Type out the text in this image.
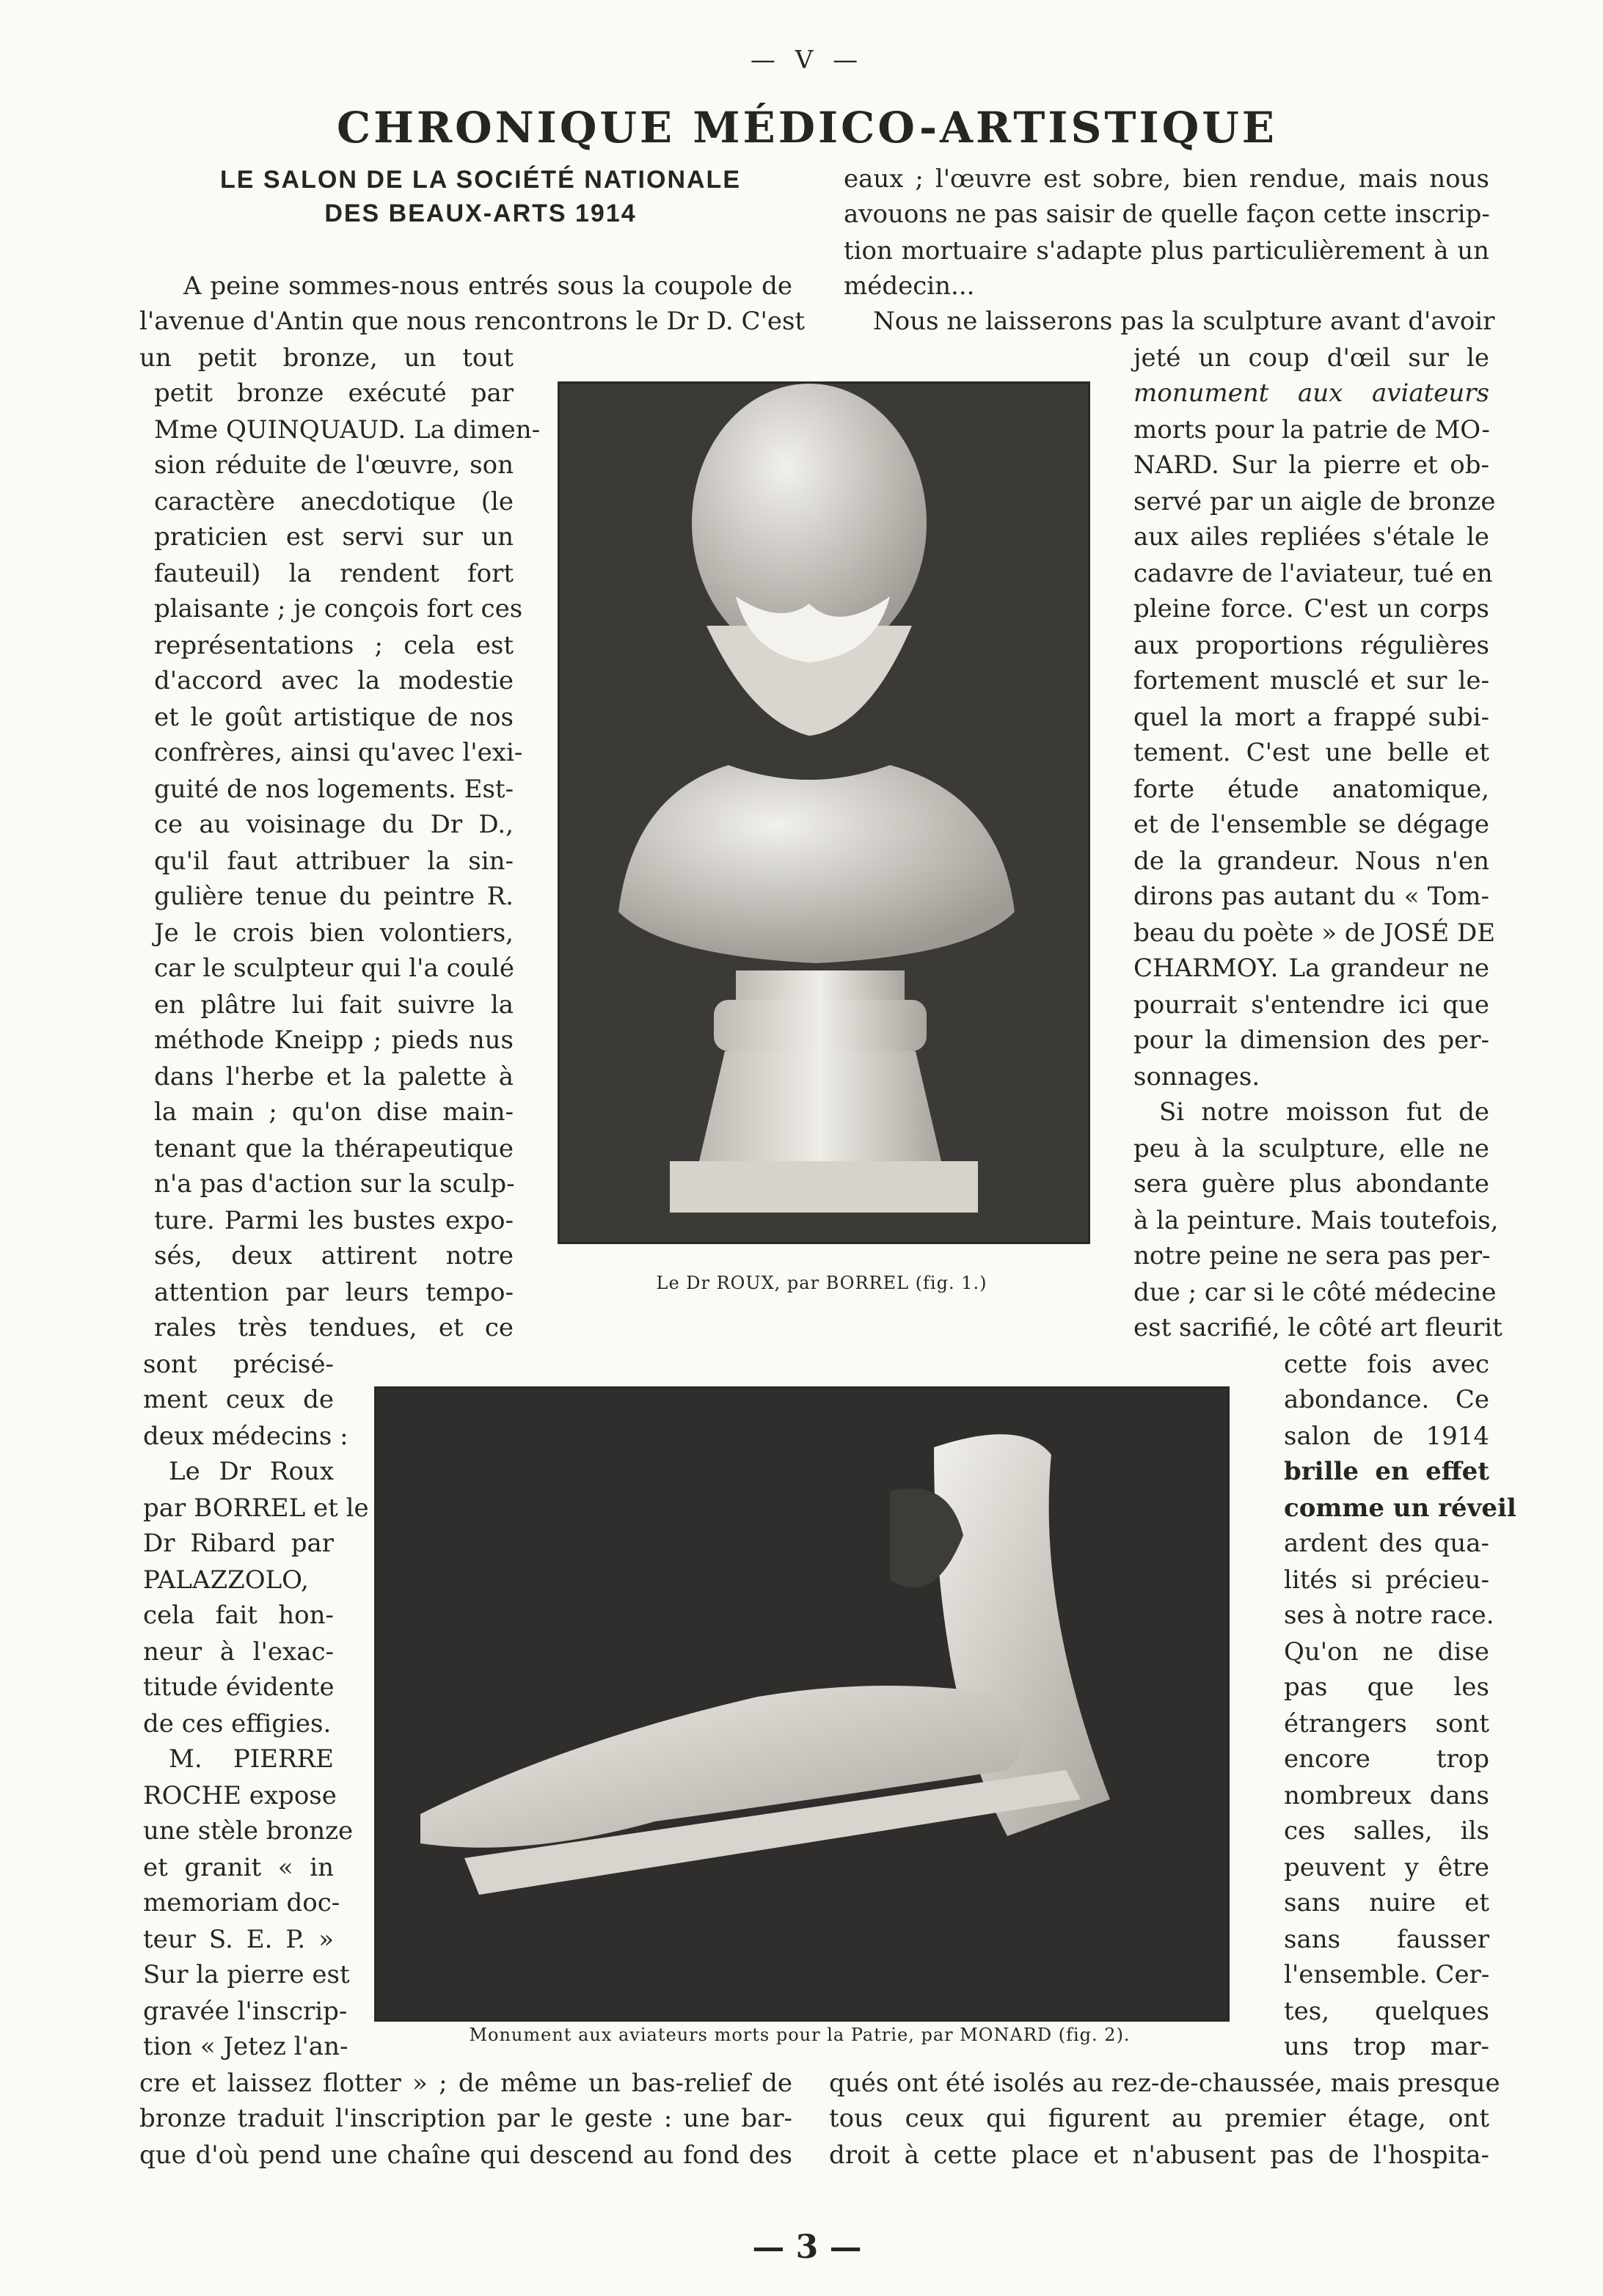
— V —
CHRONIQUE MÉDICO-ARTISTIQUE
LE SALON DE LA SOCIÉTÉ NATIONALE
DES BEAUX-ARTS 1914
Le Dr ROUX, par BORREL (fig. 1.)
Monument aux aviateurs morts pour la Patrie, par MONARD (fig. 2).
A peine sommes-nous entrés sous la coupole de
l'avenue d'Antin que nous rencontrons le Dr D. C'est
un petit bronze, un tout
petit bronze exécuté par
Mme QUINQUAUD. La dimen-
sion réduite de l'œuvre, son
caractère anecdotique (le
praticien est servi sur un
fauteuil) la rendent fort
plaisante ; je conçois fort ces
représentations ; cela est
d'accord avec la modestie
et le goût artistique de nos
confrères, ainsi qu'avec l'exi-
guité de nos logements. Est-
ce au voisinage du Dr D.,
qu'il faut attribuer la sin-
gulière tenue du peintre R.
Je le crois bien volontiers,
car le sculpteur qui l'a coulé
en plâtre lui fait suivre la
méthode Kneipp ; pieds nus
dans l'herbe et la palette à
la main ; qu'on dise main-
tenant que la thérapeutique
n'a pas d'action sur la sculp-
ture. Parmi les bustes expo-
sés, deux attirent notre
attention par leurs tempo-
rales très tendues, et ce
sont précisé-
ment ceux de
deux médecins :
Le Dr Roux
par BORREL et le
Dr Ribard par
PALAZZOLO,
cela fait hon-
neur à l'exac-
titude évidente
de ces effigies.
M. PIERRE
ROCHE expose
une stèle bronze
et granit « in
memoriam doc-
teur S. E. P. »
Sur la pierre est
gravée l'inscrip-
tion « Jetez l'an-
cre et laissez flotter » ; de même un bas-relief de
bronze traduit l'inscription par le geste : une bar-
que d'où pend une chaîne qui descend au fond des
eaux ; l'œuvre est sobre, bien rendue, mais nous
avouons ne pas saisir de quelle façon cette inscrip-
tion mortuaire s'adapte plus particulièrement à un
médecin...
Nous ne laisserons pas la sculpture avant d'avoir
jeté un coup d'œil sur le
monument aux aviateurs
morts pour la patrie de MO-
NARD. Sur la pierre et ob-
servé par un aigle de bronze
aux ailes repliées s'étale le
cadavre de l'aviateur, tué en
pleine force. C'est un corps
aux proportions régulières
fortement musclé et sur le-
quel la mort a frappé subi-
tement. C'est une belle et
forte étude anatomique,
et de l'ensemble se dégage
de la grandeur. Nous n'en
dirons pas autant du « Tom-
beau du poète » de JOSÉ DE
CHARMOY. La grandeur ne
pourrait s'entendre ici que
pour la dimension des per-
sonnages.
Si notre moisson fut de
peu à la sculpture, elle ne
sera guère plus abondante
à la peinture. Mais toutefois,
notre peine ne sera pas per-
due ; car si le côté médecine
est sacrifié, le côté art fleurit
cette fois avec
abondance. Ce
salon de 1914
brille en effet
comme un réveil
ardent des qua-
lités si précieu-
ses à notre race.
Qu'on ne dise
pas que les
étrangers sont
encore trop
nombreux dans
ces salles, ils
peuvent y être
sans nuire et
sans fausser
l'ensemble. Cer-
tes, quelques
uns trop mar-
qués ont été isolés au rez-de-chaussée, mais presque
tous ceux qui figurent au premier étage, ont
droit à cette place et n'abusent pas de l'hospita-
— 3 —
